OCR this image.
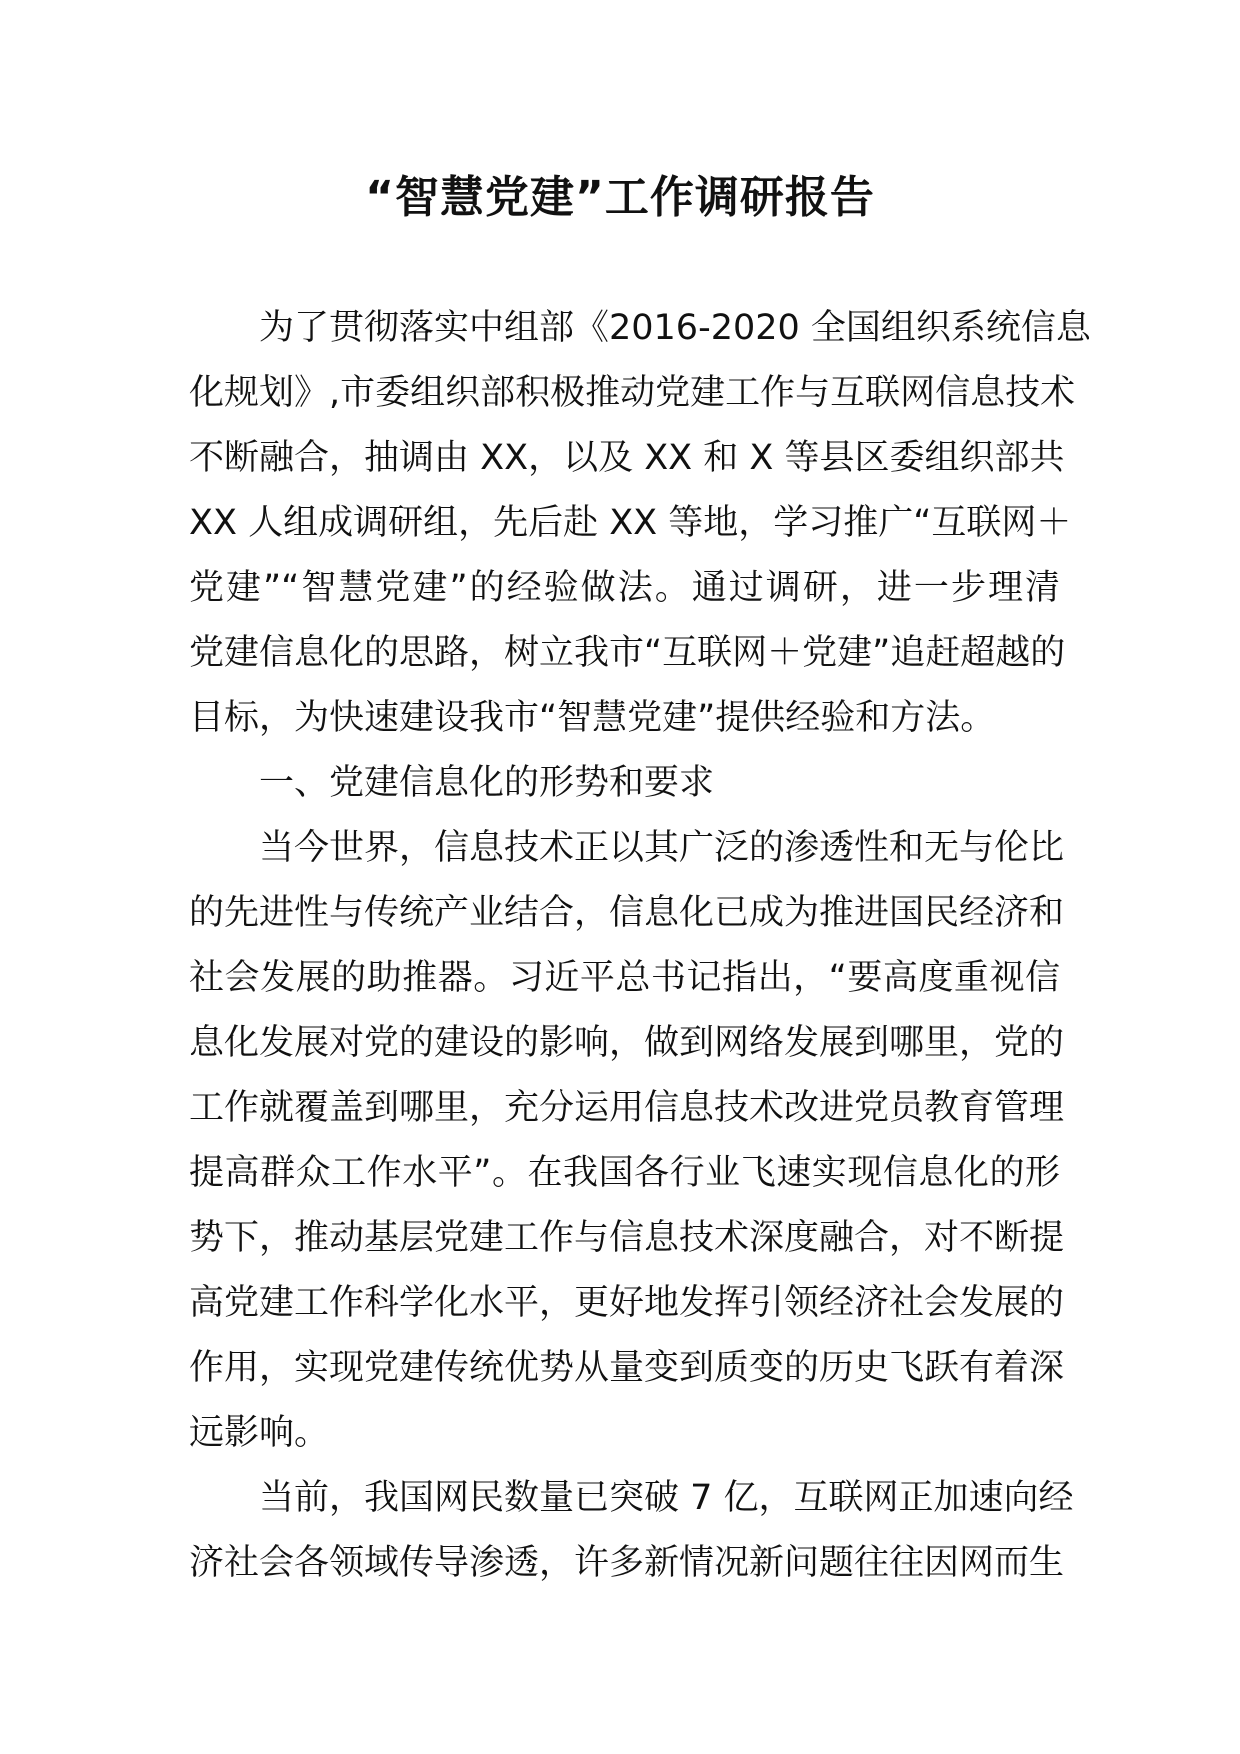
“智慧党建”工作调研报告
为了贯彻落实中组部《2016-2020 全国组织系统信息
化规划》,市委组织部积极推动党建工作与互联网信息技术
不断融合，抽调由 XX，以及 XX 和 X 等县区委组织部共
XX 人组成调研组，先后赴 XX 等地，学习推广“互联网＋
党建”“智慧党建”的经验做法。通过调研，进一步理清
党建信息化的思路，树立我市“互联网＋党建”追赶超越的
目标，为快速建设我市“智慧党建”提供经验和方法。
一、党建信息化的形势和要求
当今世界，信息技术正以其广泛的渗透性和无与伦比
的先进性与传统产业结合，信息化已成为推进国民经济和
社会发展的助推器。习近平总书记指出，“要高度重视信
息化发展对党的建设的影响，做到网络发展到哪里，党的
工作就覆盖到哪里，充分运用信息技术改进党员教育管理
提高群众工作水平”。在我国各行业飞速实现信息化的形
势下，推动基层党建工作与信息技术深度融合，对不断提
高党建工作科学化水平，更好地发挥引领经济社会发展的
作用，实现党建传统优势从量变到质变的历史飞跃有着深
远影响。
当前，我国网民数量已突破 7 亿，互联网正加速向经
济社会各领域传导渗透，许多新情况新问题往往因网而生
